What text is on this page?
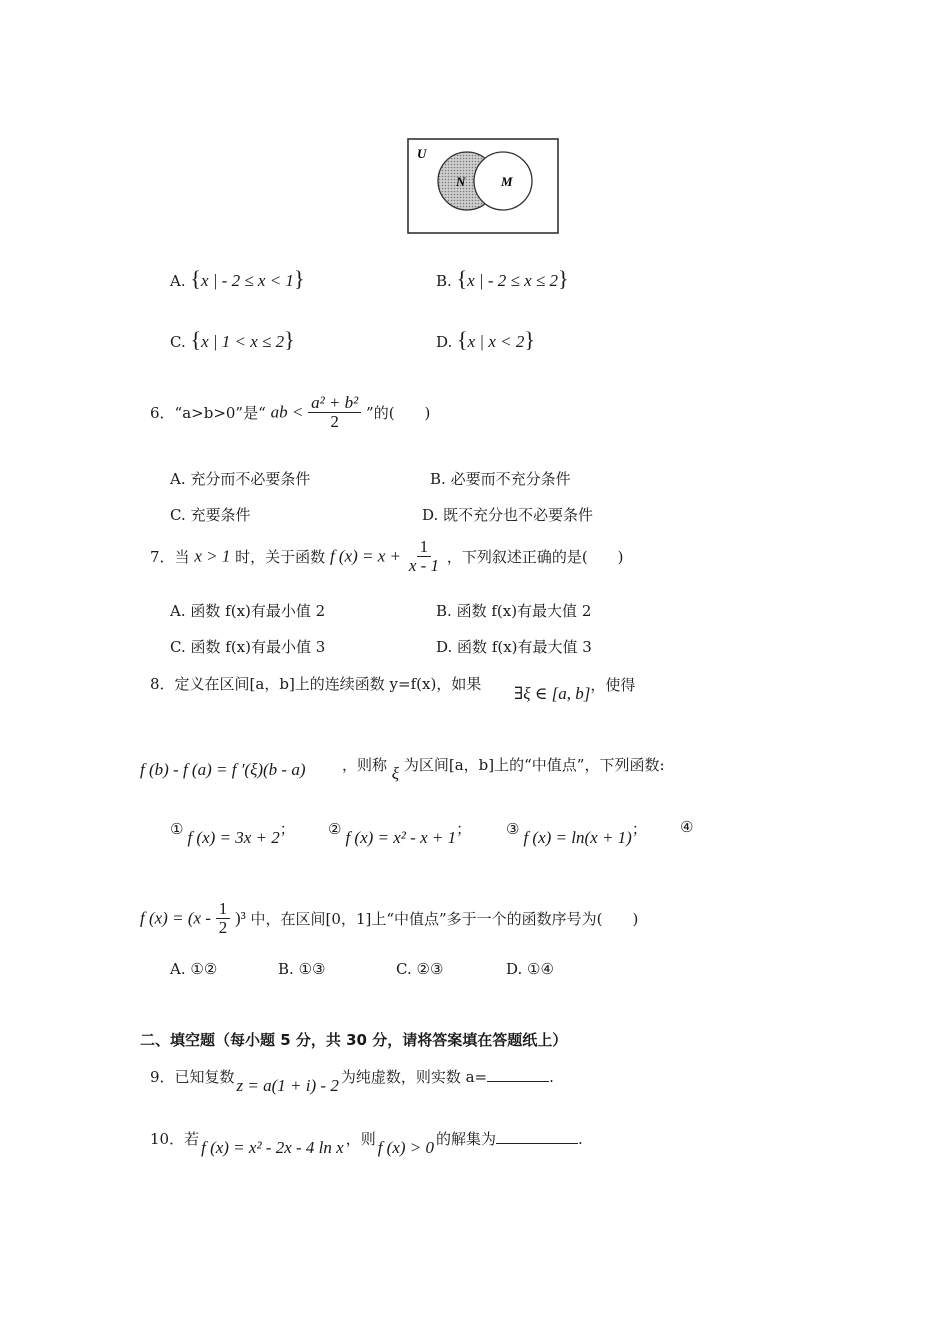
U
N	M
A. {x | - 2 ≤ x < 1}	B. {x | - 2 ≤ x ≤ 2}
C. {x | 1 < x ≤ 2}	D. {x | x < 2}
6．“a>b>0”是“ ab < $\frac{\text{a² + b²}}{2}$ ”的(　　)
A. 充分而不必要条件	B. 必要而不充分条件
C. 充要条件	D. 既不充分也不必要条件
7．当 x > 1 时，关于函数 f $(x) = x + \frac{1}{x - 1}$ ，下列叙述正确的是(　　)
A. 函数 f(x)有最小值 2	B. 函数 f(x)有最大值 2
C. 函数 f(x)有最小值 3	D. 函数 f(x)有最大值 3
8．定义在区间[a，b]上的连续函数 y=f(x)，如果 ∃ξ ∈ [a, b]，使得
f (b) - f (a) = f ′(ξ)(b - a) ，则称 ξ 为区间[a，b]上的“中值点”，下列函数:
① f (x) = 3x + 2； ② f (x) = x² - x + 1； ③ f (x) = ln(x + 1)； ④
f $(x) = (x - \frac{1}{2} )^3$ 中，在区间[0，1]上“中值点”多于一个的函数序号为(　　)
A. ①②	B. ①③	C. ②③	D. ①④
二、填空题（每小题 5 分，共 30 分，请将答案填在答题纸上）
9．已知复数 z = a(1 + i) - 2 为纯虚数，则实数 a=	.
10．若 f (x) = x² - 2x - 4 ln x ，则 f (x) > 0 的解集为	.
